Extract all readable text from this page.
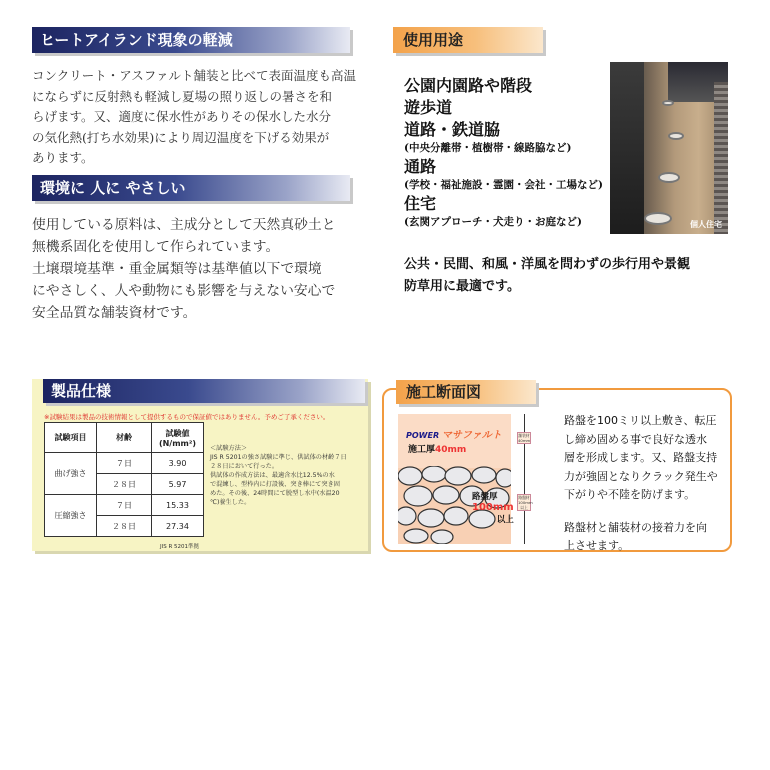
ヒートアイランド現象の軽減
コンクリート・アスファルト舗装と比べて表面温度も高温
にならずに反射熱も軽減し夏場の照り返しの暑さを和
らげます。又、適度に保水性がありその保水した水分
の気化熱(打ち水効果)により周辺温度を下げる効果が
あります。
環境に 人に やさしい
使用している原料は、主成分として天然真砂土と
無機系固化を使用して作られています。
土壌環境基準・重金属類等は基準値以下で環境
にやさしく、人や動物にも影響を与えない安心で
安全品質な舗装資材です。
使用用途
公園内園路や階段
遊歩道
道路・鉄道脇
(中央分離帯・植樹帯・線路脇など)
通路
(学校・福祉施設・霊園・会社・工場など)
住宅
(玄関アプローチ・犬走り・お庭など)	個人住宅
公共・民間、和風・洋風を問わずの歩行用や景観
防草用に最適です。
製品仕様
※試験結果は製品の技術情報として提供するもので保証値ではありません。予めご了承ください。
試験項目	材齢	試験値
(N/mm²)

曲げ強さ	７日	3.90
	２８日	5.97
圧縮強さ	７日	15.33
	２８日	27.34
＜試験方法＞
JIS R 5201の強さ試験に準じ、供試体の材齢７日
２８日において行った。
供試体の作成方法は、最適含水比12.5%の水
で混練し、型枠内に打設後、突き棒にて突き固
めた。その後、24時間にて脱型し水中(水温20
℃)養生した。
JIS R 5201準拠
施工断面図
POWER マサファルト
施工厚40mm
路盤厚
100mm
以上
舗装材
40mm
路盤材
100mm
以上
路盤を100ミリ以上敷き、転圧
し締め固める事で良好な透水
層を形成します。又、路盤支持
力が強固となりクラック発生や
下がりや不陸を防げます。
路盤材と舗装材の接着力を向
上させます。
